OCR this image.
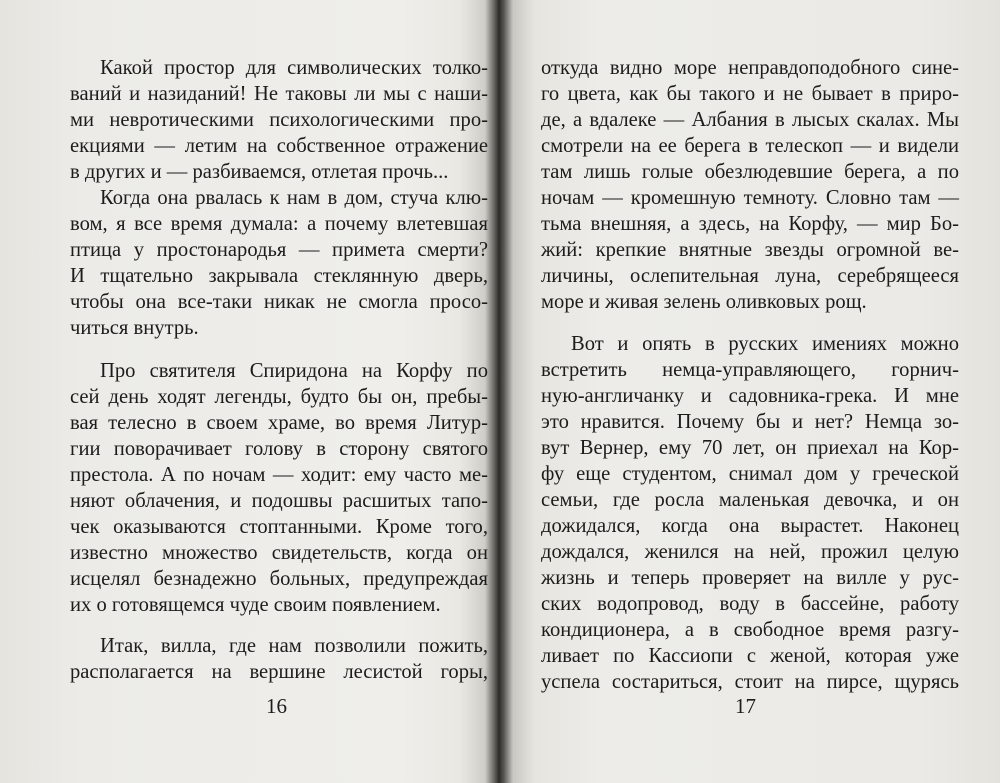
Какой простор для символических толко-
ваний и назиданий! Не таковы ли мы с наши-
ми невротическими психологическими про-
екциями — летим на собственное отражение
в других и — разбиваемся, отлетая прочь...
Когда она рвалась к нам в дом, стуча клю-
вом, я все время думала: а почему влетевшая
птица у простонародья — примета смерти?
И тщательно закрывала стеклянную дверь,
чтобы она все-таки никак не смогла просо-
читься внутрь.
Про святителя Спиридона на Корфу по
сей день ходят легенды, будто бы он, пребы-
вая телесно в своем храме, во время Литур-
гии поворачивает голову в сторону святого
престола. А по ночам — ходит: ему часто ме-
няют облачения, и подошвы расшитых тапо-
чек оказываются стоптанными. Кроме того,
известно множество свидетельств, когда он
исцелял безнадежно больных, предупреждая
их о готовящемся чуде своим появлением.
Итак, вилла, где нам позволили пожить,
располагается на вершине лесистой горы,
16
откуда видно море неправдоподобного сине-
го цвета, как бы такого и не бывает в приро-
де, а вдалеке — Албания в лысых скалах. Мы
смотрели на ее берега в телескоп — и видели
там лишь голые обезлюдевшие берега, а по
ночам — кромешную темноту. Словно там —
тьма внешняя, а здесь, на Корфу, — мир Бо-
жий: крепкие внятные звезды огромной ве-
личины, ослепительная луна, серебрящееся
море и живая зелень оливковых рощ.
Вот и опять в русских имениях можно
встретить немца-управляющего, горнич-
ную-англичанку и садовника-грека. И мне
это нравится. Почему бы и нет? Немца зо-
вут Вернер, ему 70 лет, он приехал на Кор-
фу еще студентом, снимал дом у греческой
семьи, где росла маленькая девочка, и он
дожидался, когда она вырастет. Наконец
дождался, женился на ней, прожил целую
жизнь и теперь проверяет на вилле у рус-
ских водопровод, воду в бассейне, работу
кондиционера, а в свободное время разгу-
ливает по Кассиопи с женой, которая уже
успела состариться, стоит на пирсе, щурясь
17
